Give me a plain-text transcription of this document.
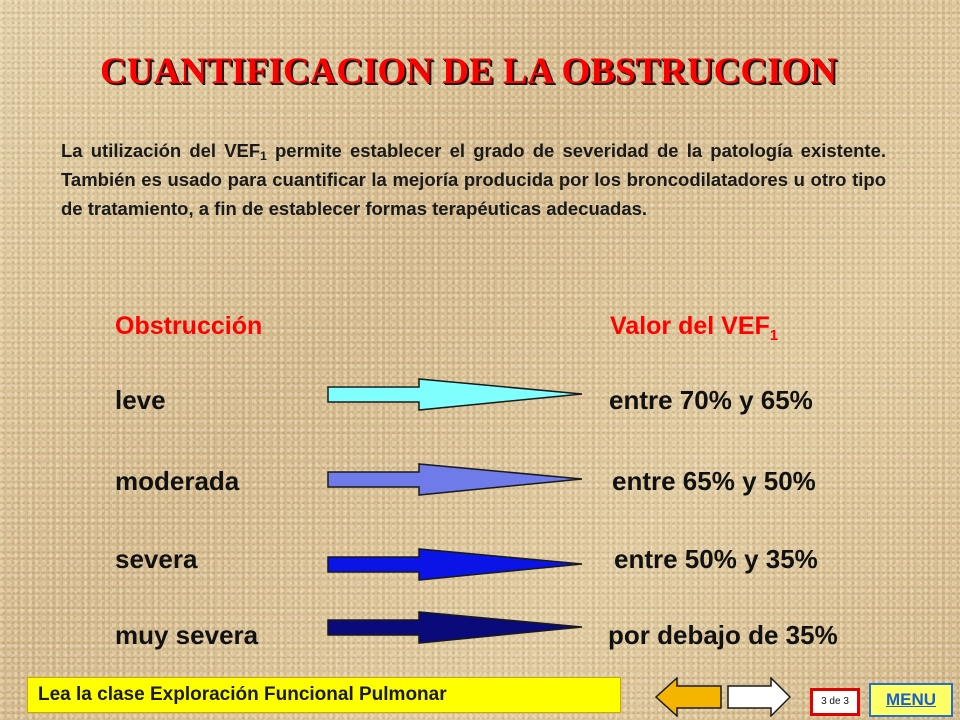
CUANTIFICACION DE LA OBSTRUCCION
La utilización del $VEF_1$ permite establecer el grado de severidad de la patología existente. También es usado para cuantificar la mejoría producida por los broncodilatadores u otro tipo de tratamiento, a fin de establecer formas terapéuticas adecuadas.
Obstrucción	Valor del $VEF_1$
leve	entre 70% y 65%
moderada	entre 65% y 50%
severa	entre 50% y 35%
muy severa	por debajo de 35%
Lea la clase Exploración Funcional Pulmonar	3 de 3	MENU
